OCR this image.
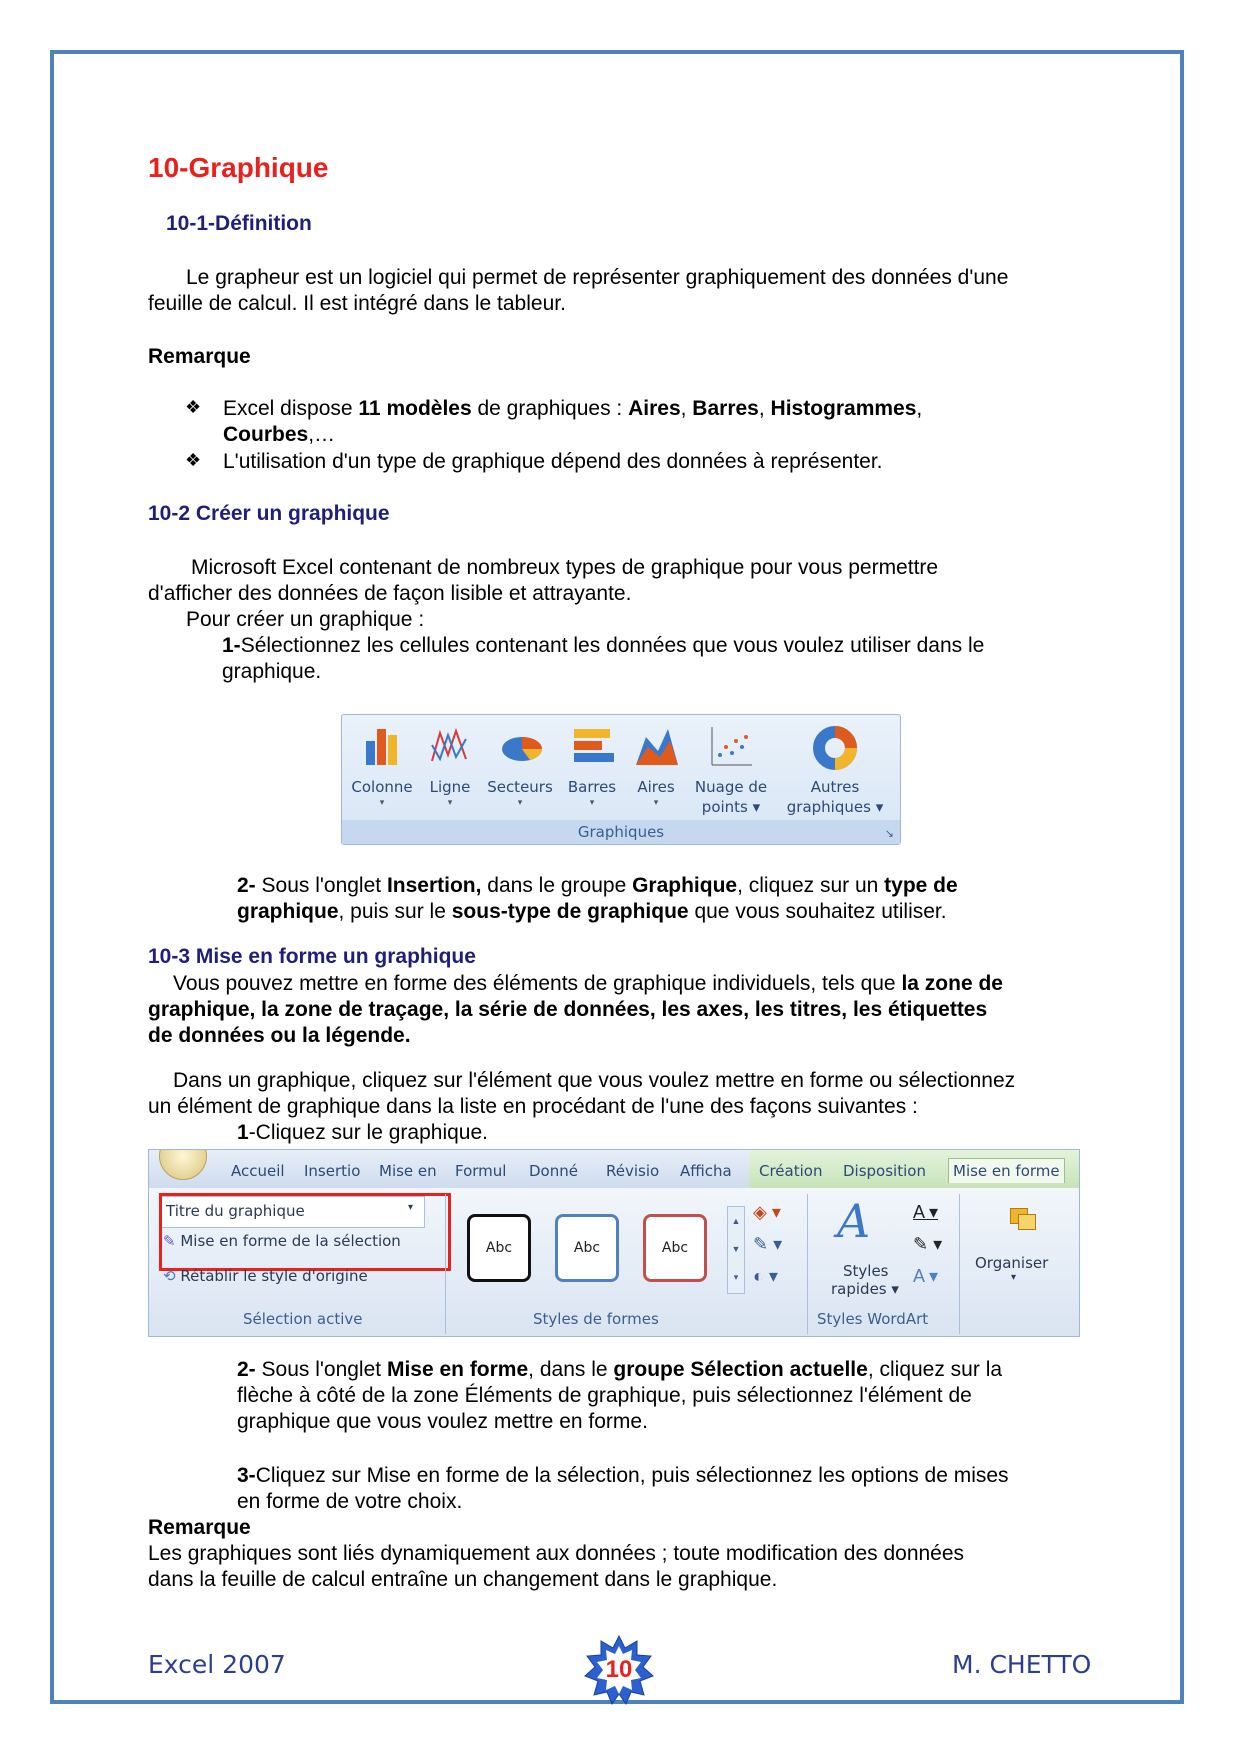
10-Graphique
10-1-Définition
Le grapheur est un logiciel qui permet de représenter graphiquement des données d'une
feuille de calcul. Il est intégré dans le tableur.
Remarque
❖ Excel dispose 11 modèles de graphiques : Aires, Barres, Histogrammes,
Courbes,…
❖ L'utilisation d'un type de graphique dépend des données à représenter.
10-2 Créer un graphique
Microsoft Excel contenant de nombreux types de graphique pour vous permettre
d'afficher des données de façon lisible et attrayante.
Pour créer un graphique :
1-Sélectionnez les cellules contenant les données que vous voulez utiliser dans le
graphique.
Colonne
▾
Ligne
▾
Secteurs
▾
Barres
▾
Aires
▾
Nuage de
points ▾
Autres
graphiques ▾
Graphiques	↘
2- Sous l'onglet Insertion, dans le groupe Graphique, cliquez sur un type de
graphique, puis sur le sous-type de graphique que vous souhaitez utiliser.
10-3 Mise en forme un graphique
Vous pouvez mettre en forme des éléments de graphique individuels, tels que la zone de
graphique, la zone de traçage, la série de données, les axes, les titres, les étiquettes
de données ou la légende.
Dans un graphique, cliquez sur l'élément que vous voulez mettre en forme ou sélectionnez
un élément de graphique dans la liste en procédant de l'une des façons suivantes :
1-Cliquez sur le graphique.
Accueil Insertio Mise en Formul Donné Révisio Afficha Création Disposition	Mise en forme
Titre du graphique	▾
✎ Mise en forme de la sélection
⟲ Rétablir le style d'origine
Sélection active
Abc	Abc	Abc
▲
▼
▾
◈ ▾
✎ ▾
◐ ▾
Styles de formes
A
Styles
rapides ▾
A ▾
✎ ▾
A ▾
Styles WordArt
Organiser
▾
2- Sous l'onglet Mise en forme, dans le groupe Sélection actuelle, cliquez sur la
flèche à côté de la zone Éléments de graphique, puis sélectionnez l'élément de
graphique que vous voulez mettre en forme.
3-Cliquez sur Mise en forme de la sélection, puis sélectionnez les options de mises
en forme de votre choix.
Remarque
Les graphiques sont liés dynamiquement aux données ; toute modification des données
dans la feuille de calcul entraîne un changement dans le graphique.
Excel 2007	10	M. CHETTO
